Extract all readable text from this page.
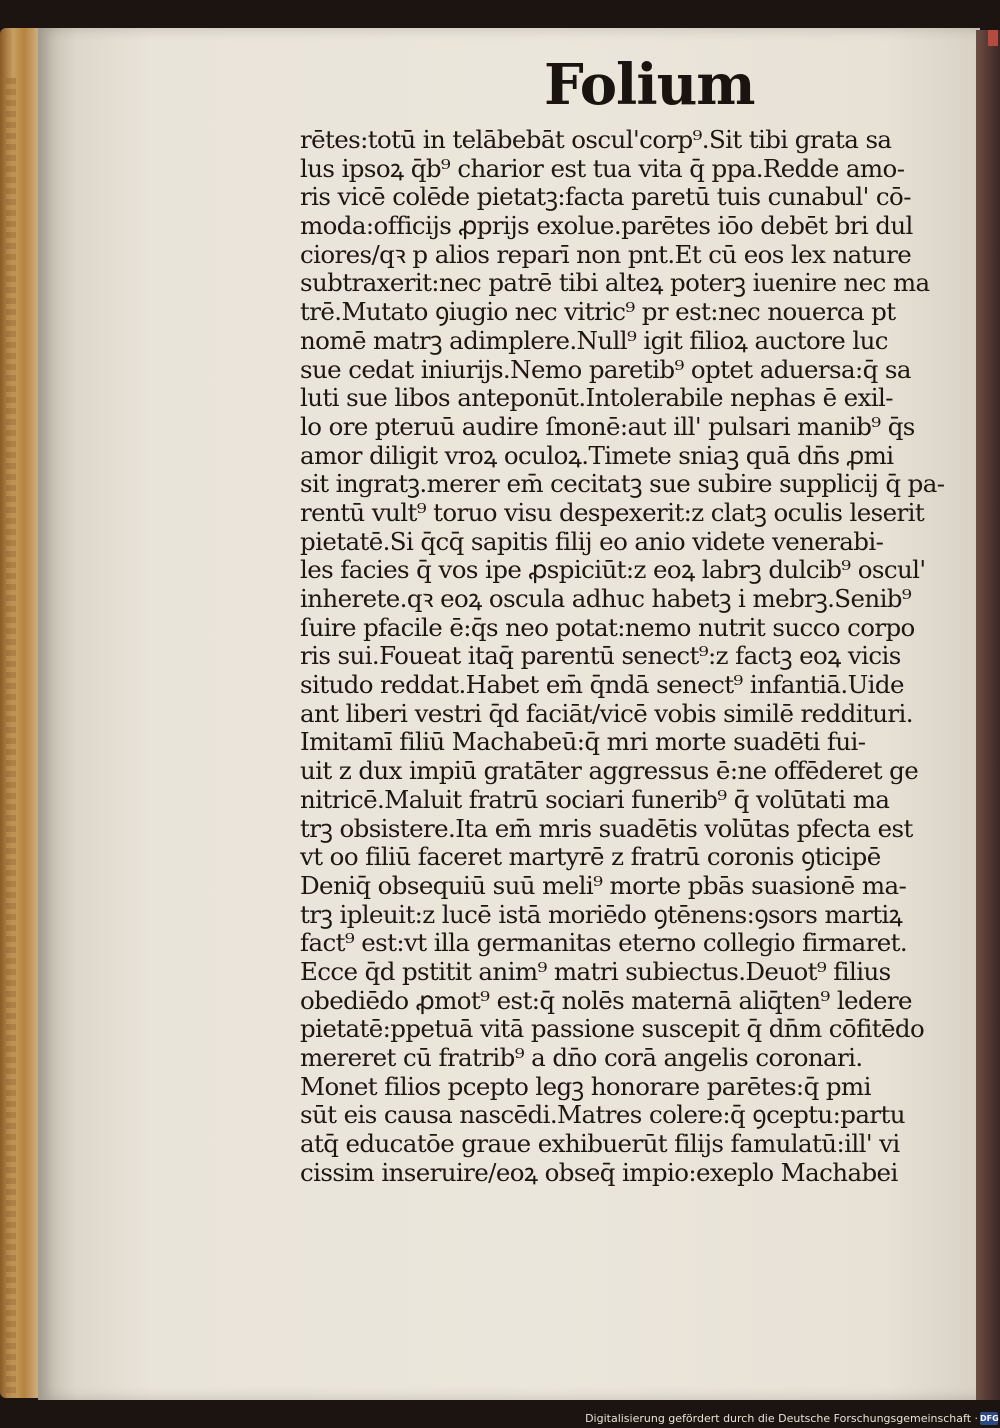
Folium
rētes:totū in telābebāt oscul'corp⁹.Sit tibi grata sa
lus ipsoꝝ q̄b⁹ charior est tua vita q̄ ppa.Redde amo‑
ris vicē colēde pietatꝫ:facta paretū tuis cunabul' cō‑
moda:officijs ꝓprijs exolue.parētes iōo debēt bri dul
ciores/qꝛ p alios reparī non pnt.Et cū eos lex nature
subtraxerit:nec patrē tibi alteꝝ poterꝫ iuenire nec ma
trē.Mutato ꝯiugio nec vitric⁹ pr est:nec nouerca pt
nomē matrꝫ adimplere.Null⁹ igit filioꝝ auctore luc
sue cedat iniurijs.Nemo paretib⁹ optet aduersa:q̄ sa
luti sue libos anteponūt.Intolerabile nephas ē exil‑
lo ore pteruū audire ſmonē:aut ill' pulsari manib⁹ q̄s
amor diligit vroꝝ oculoꝝ.Timete sniaꝫ quā dn̄s ꝓmi
sit ingratꝫ.merer em̄ cecitatꝫ sue subire supplicij q̄ pa‑
rentū vult⁹ toruo visu despexerit:z clatꝫ oculis leserit
pietatē.Si q̄cq̄ sapitis filij eo anio videte venerabi‑
les facies q̄ vos ipe ꝓspiciūt:z eoꝝ labrꝫ dulcib⁹ oscul'
inherete.qꝛ eoꝝ oscula adhuc habetꝫ i mebrꝫ.Senib⁹
ſuire pfacile ē:q̄s neo potat:nemo nutrit succo corpo
ris sui.Foueat itaq̄ parentū senect⁹:z factꝫ eoꝝ vicis
situdo reddat.Habet em̄ q̄ndā senect⁹ infantiā.Uide
ant liberi vestri q̄d faciāt/vicē vobis similē reddituri.
Imitamī filiū Machabeū:q̄ mri morte suadēti fui‑
uit z dux impiū gratāter aggressus ē:ne offēderet ge
nitricē.Maluit fratrū sociari funerib⁹ q̄ volūtati ma
trꝫ obsistere.Ita em̄ mris suadētis volūtas pfecta est
vt oo filiū faceret martyrē z fratrū coronis ꝯticipē
Deniq̄ obsequiū suū meli⁹ morte pbās suasionē ma‑
trꝫ ipleuit:z lucē istā moriēdo ꝯtēnens:ꝯsors martiꝝ
fact⁹ est:vt illa germanitas eterno collegio firmaret.
Ecce q̄d pstitit anim⁹ matri subiectus.Deuot⁹ filius
obediēdo ꝓmot⁹ est:q̄ nolēs maternā aliq̄ten⁹ ledere
pietatē:ppetuā vitā passione suscepit q̄ dn̄m cōfitēdo
mereret cū fratrib⁹ a dn̄o corā angelis coronari.
Monet filios pcepto legꝫ honorare parētes:q̄ pmi
sūt eis causa nascēdi.Matres colere:q̄ ꝯceptu:partu
atq̄ educatōe graue exhibuerūt filijs famulatū:ill' vi
cissim inseruire/eoꝝ obseq̄ impio:exeplo Machabei
Digitalisierung gefördert durch die Deutsche Forschungsgemeinschaft · DFG
